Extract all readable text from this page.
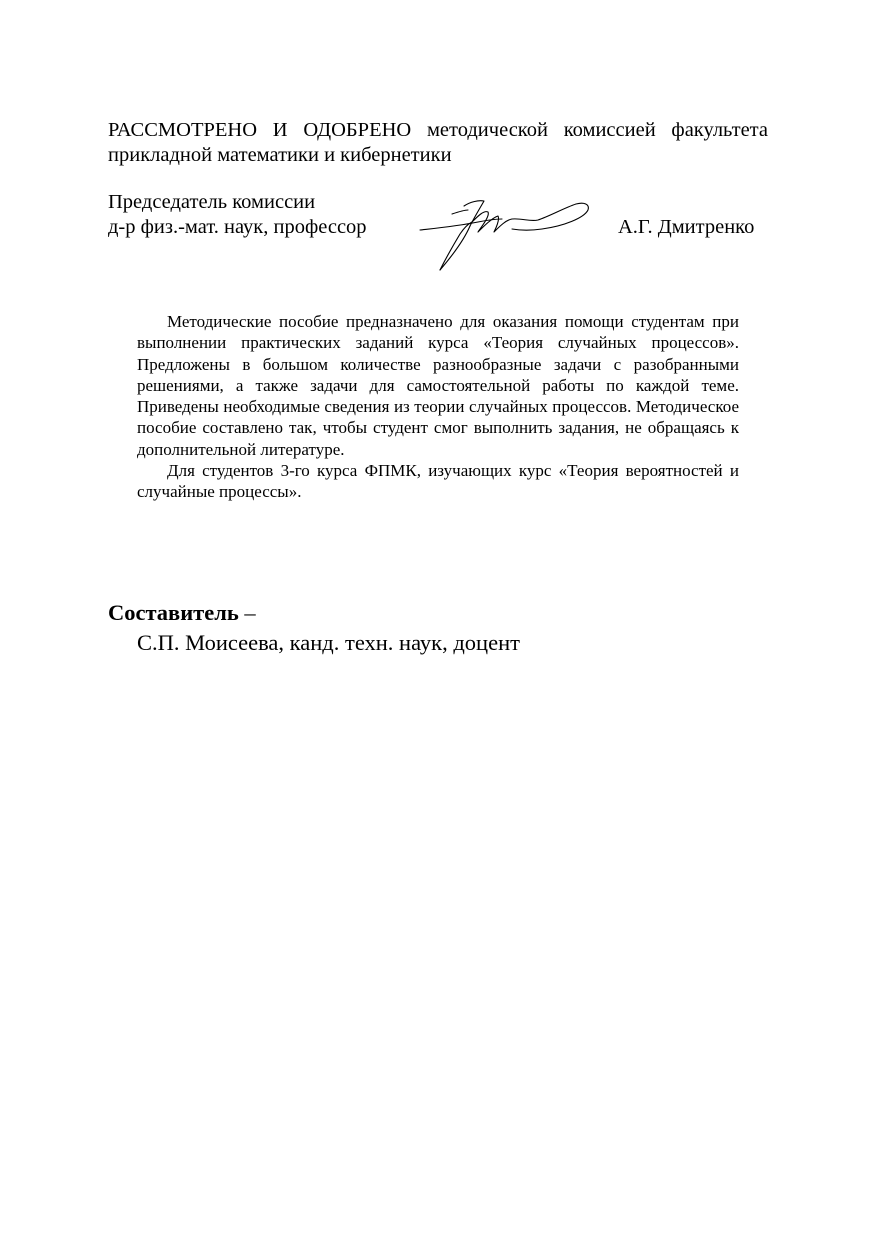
РАССМОТРЕНО И ОДОБРЕНО методической комиссией факультета
прикладной математики и кибернетики
Председатель комиссии
д-р физ.-мат. наук, профессор	А.Г. Дмитренко

Методические пособие предназначено для оказания помощи студентам при выполнении практических заданий курса «Теория случайных процессов». Предложены в большом количестве разнообразные задачи с разобранными решениями, а также задачи для самостоятельной работы по каждой теме. Приведены необходимые сведения из теории случайных процессов. Методическое пособие составлено так, чтобы студент смог выполнить задания, не обращаясь к дополнительной литературе.

Для студентов 3-го курса ФПМК, изучающих курс «Теория вероятностей и случайные процессы».

Составитель –
С.П. Моисеева, канд. техн. наук, доцент
